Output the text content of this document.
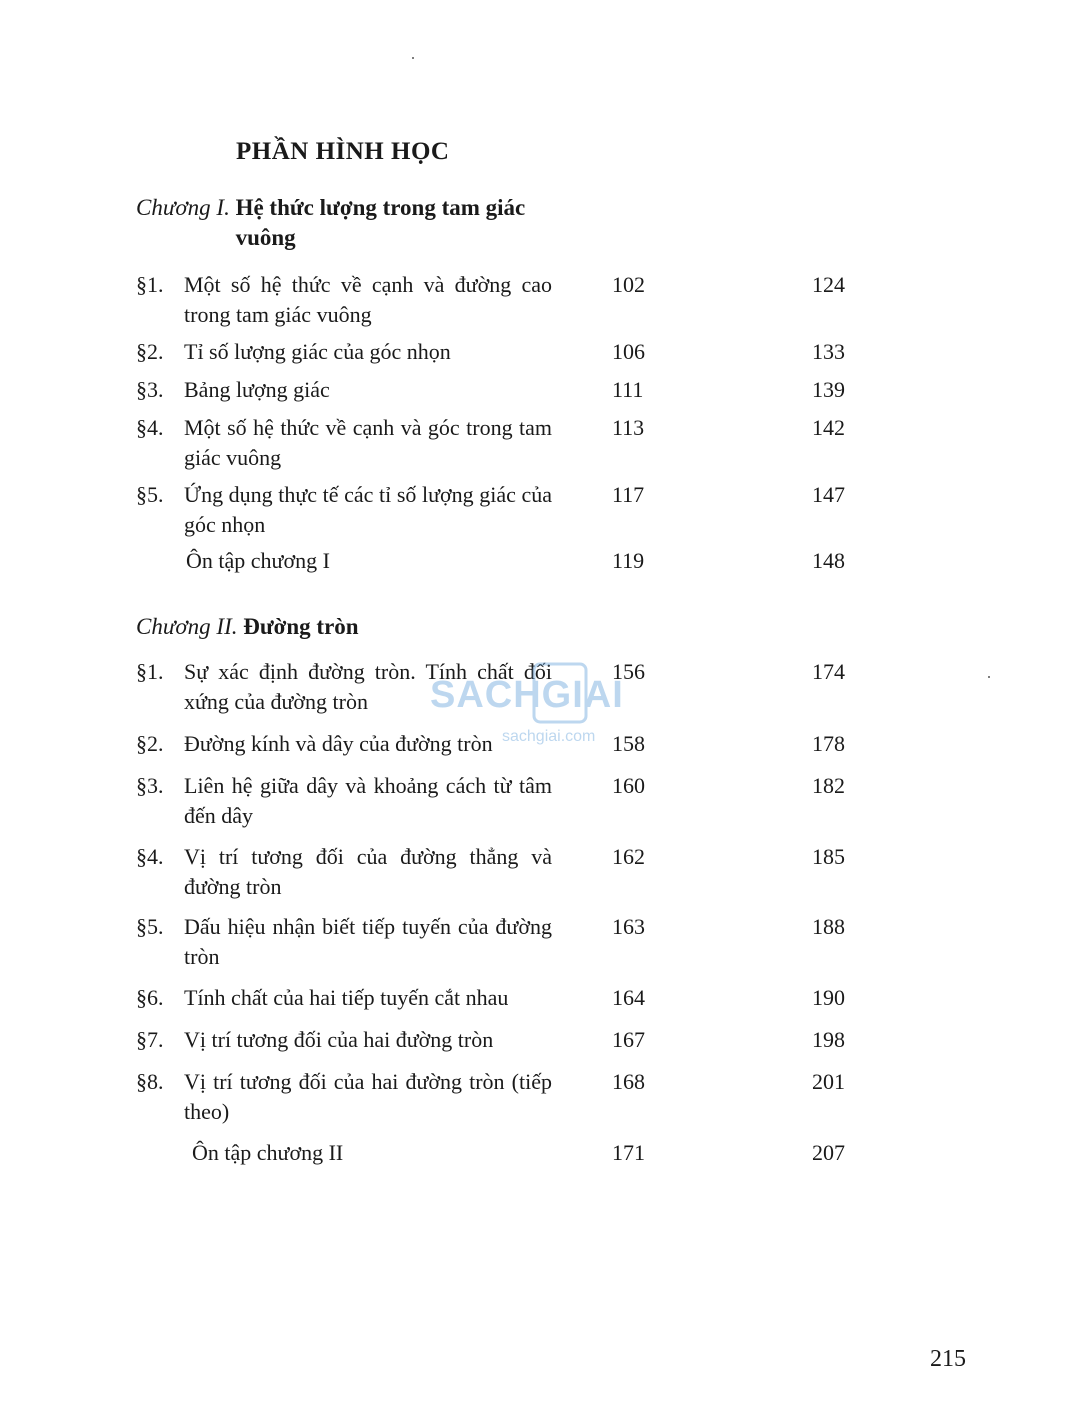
PHẦN HÌNH HỌC
Chương I. Hệ thức lượng trong tam giác vuông
§1. Một số hệ thức về cạnh và đường cao trong tam giác vuông
102	124
§2. Tỉ số lượng giác của góc nhọn	106	133
§3. Bảng lượng giác	111	139
§4. Một số hệ thức về cạnh và góc trong tam giác vuông
113	142
§5. Ứng dụng thực tế các tỉ số lượng giác của góc nhọn
117	147
Ôn tập chương I	119	148
Chương II. Đường tròn
§1. Sự xác định đường tròn. Tính chất đối xứng của đường tròn
156	174
§2. Đường kính và dây của đường tròn	158	178
§3. Liên hệ giữa dây và khoảng cách từ tâm đến dây
160	182
§4. Vị trí tương đối của đường thẳng và đường tròn
162	185
§5. Dấu hiệu nhận biết tiếp tuyến của đường tròn
163	188
§6. Tính chất của hai tiếp tuyến cắt nhau	164	190
§7. Vị trí tương đối của hai đường tròn	167	198
§8. Vị trí tương đối của hai đường tròn (tiếp theo)
168	201
Ôn tập chương II	171	207
SACHGIAI
sachgiai.com
215
